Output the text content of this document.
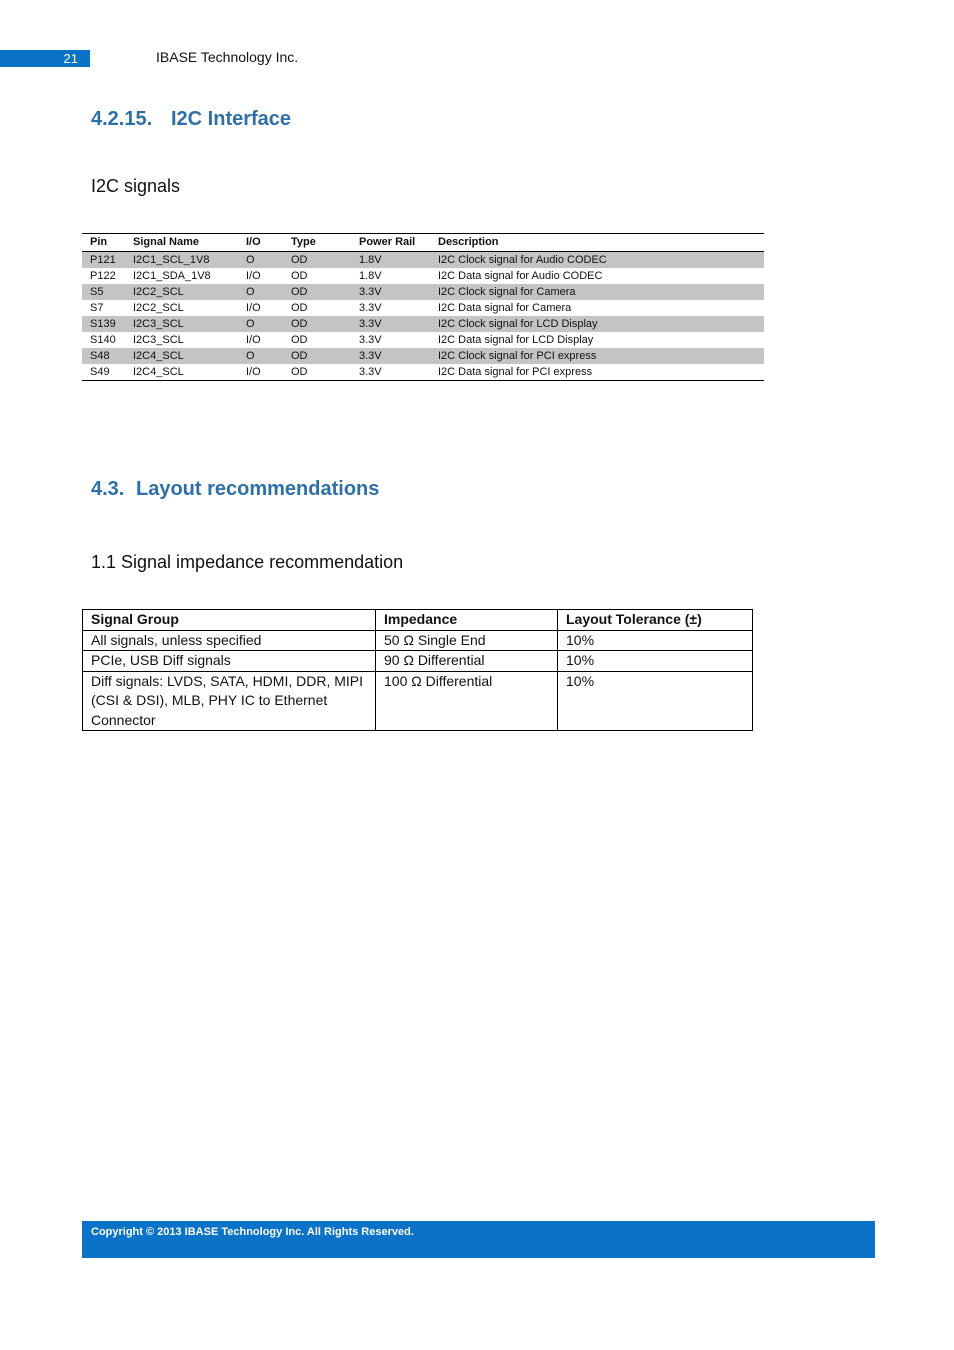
21	IBASE Technology Inc.
4.2.15. I2C Interface

I2C signals

Pin	Signal Name	I/O	Type	Power Rail	Description
P121	I2C1_SCL_1V8	O	OD	1.8V	I2C Clock signal for Audio CODEC
P122	I2C1_SDA_1V8	I/O	OD	1.8V	I2C Data signal for Audio CODEC
S5	I2C2_SCL	O	OD	3.3V	I2C Clock signal for Camera
S7	I2C2_SCL	I/O	OD	3.3V	I2C Data signal for Camera
S139	I2C3_SCL	O	OD	3.3V	I2C Clock signal for LCD Display
S140	I2C3_SCL	I/O	OD	3.3V	I2C Data signal for LCD Display
S48	I2C4_SCL	O	OD	3.3V	I2C Clock signal for PCI express
S49	I2C4_SCL	I/O	OD	3.3V	I2C Data signal for PCI express
4.3. Layout recommendations

1.1 Signal impedance recommendation

Signal Group	Impedance	Layout Tolerance (±)
All signals, unless specified	50 Ω Single End	10%
PCIe, USB Diff signals	90 Ω Differential	10%
Diff signals: LVDS, SATA, HDMI, DDR, MIPI (CSI & DSI), MLB, PHY IC to Ethernet Connector	100 Ω Differential	10%
Copyright © 2013 IBASE Technology Inc. All Rights Reserved.
